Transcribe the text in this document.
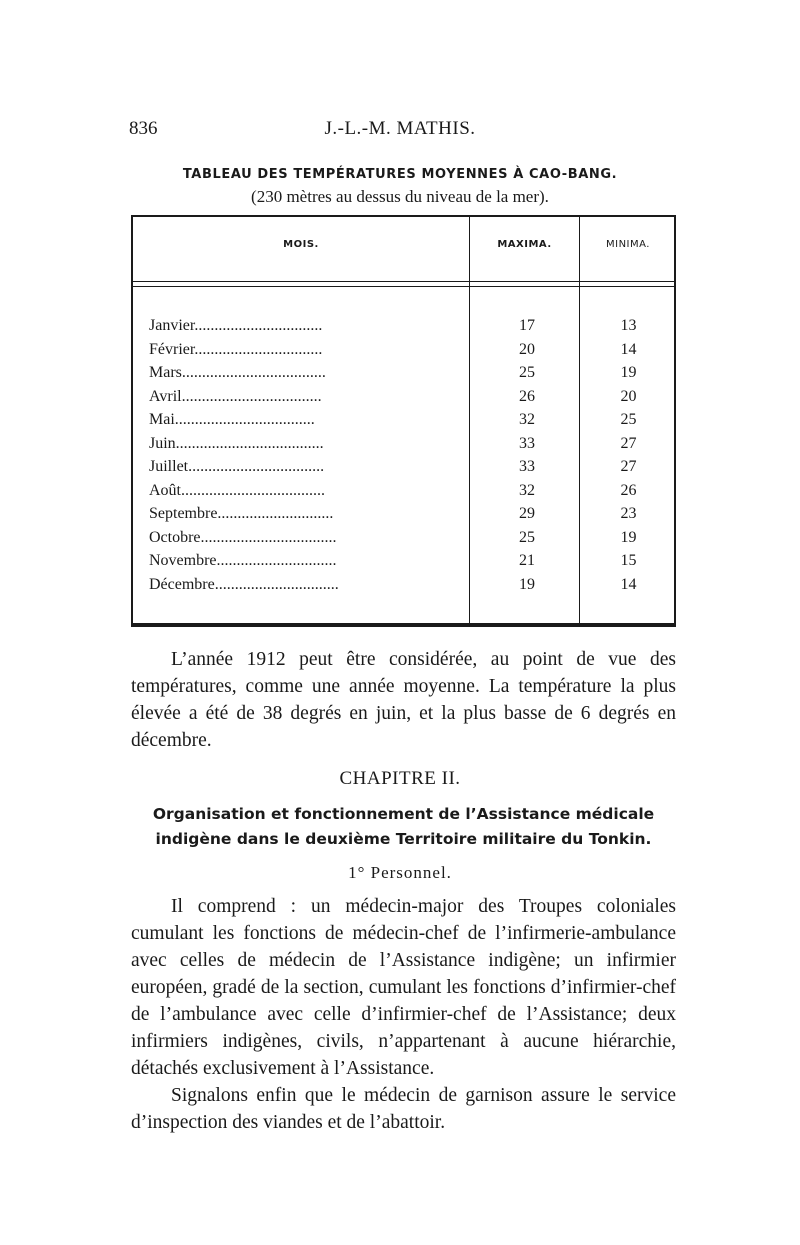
836	J.-L.-M. MATHIS.
TABLEAU DES TEMPÉRATURES MOYENNES À CAO-BANG.
(230 mètres au dessus du niveau de la mer).
MOIS.	MAXIMA.	MINIMA.
Janvier................................	17	13
Février................................	20	14
Mars....................................	25	19
Avril...................................	26	20
Mai...................................	32	25
Juin.....................................	33	27
Juillet..................................	33	27
Août....................................	32	26
Septembre.............................	29	23
Octobre..................................	25	19
Novembre..............................	21	15
Décembre...............................	19	14

L’année 1912 peut être considérée, au point de vue des températures, comme une année moyenne. La température la plus élevée a été de 38 degrés en juin, et la plus basse de 6 degrés en décembre.

CHAPITRE II.
Organisation et fonctionnement de l’Assistance médicale indigène dans le deuxième Territoire militaire du Tonkin.
1° Personnel.

Il comprend : un médecin-major des Troupes coloniales cumulant les fonctions de médecin-chef de l’infirmerie-ambulance avec celles de médecin de l’Assistance indigène; un infirmier européen, gradé de la section, cumulant les fonctions d’infirmier-chef de l’ambulance avec celle d’infirmier-chef de l’Assistance; deux infirmiers indigènes, civils, n’appartenant à aucune hiérarchie, détachés exclusivement à l’Assistance.

Signalons enfin que le médecin de garnison assure le service d’inspection des viandes et de l’abattoir.
